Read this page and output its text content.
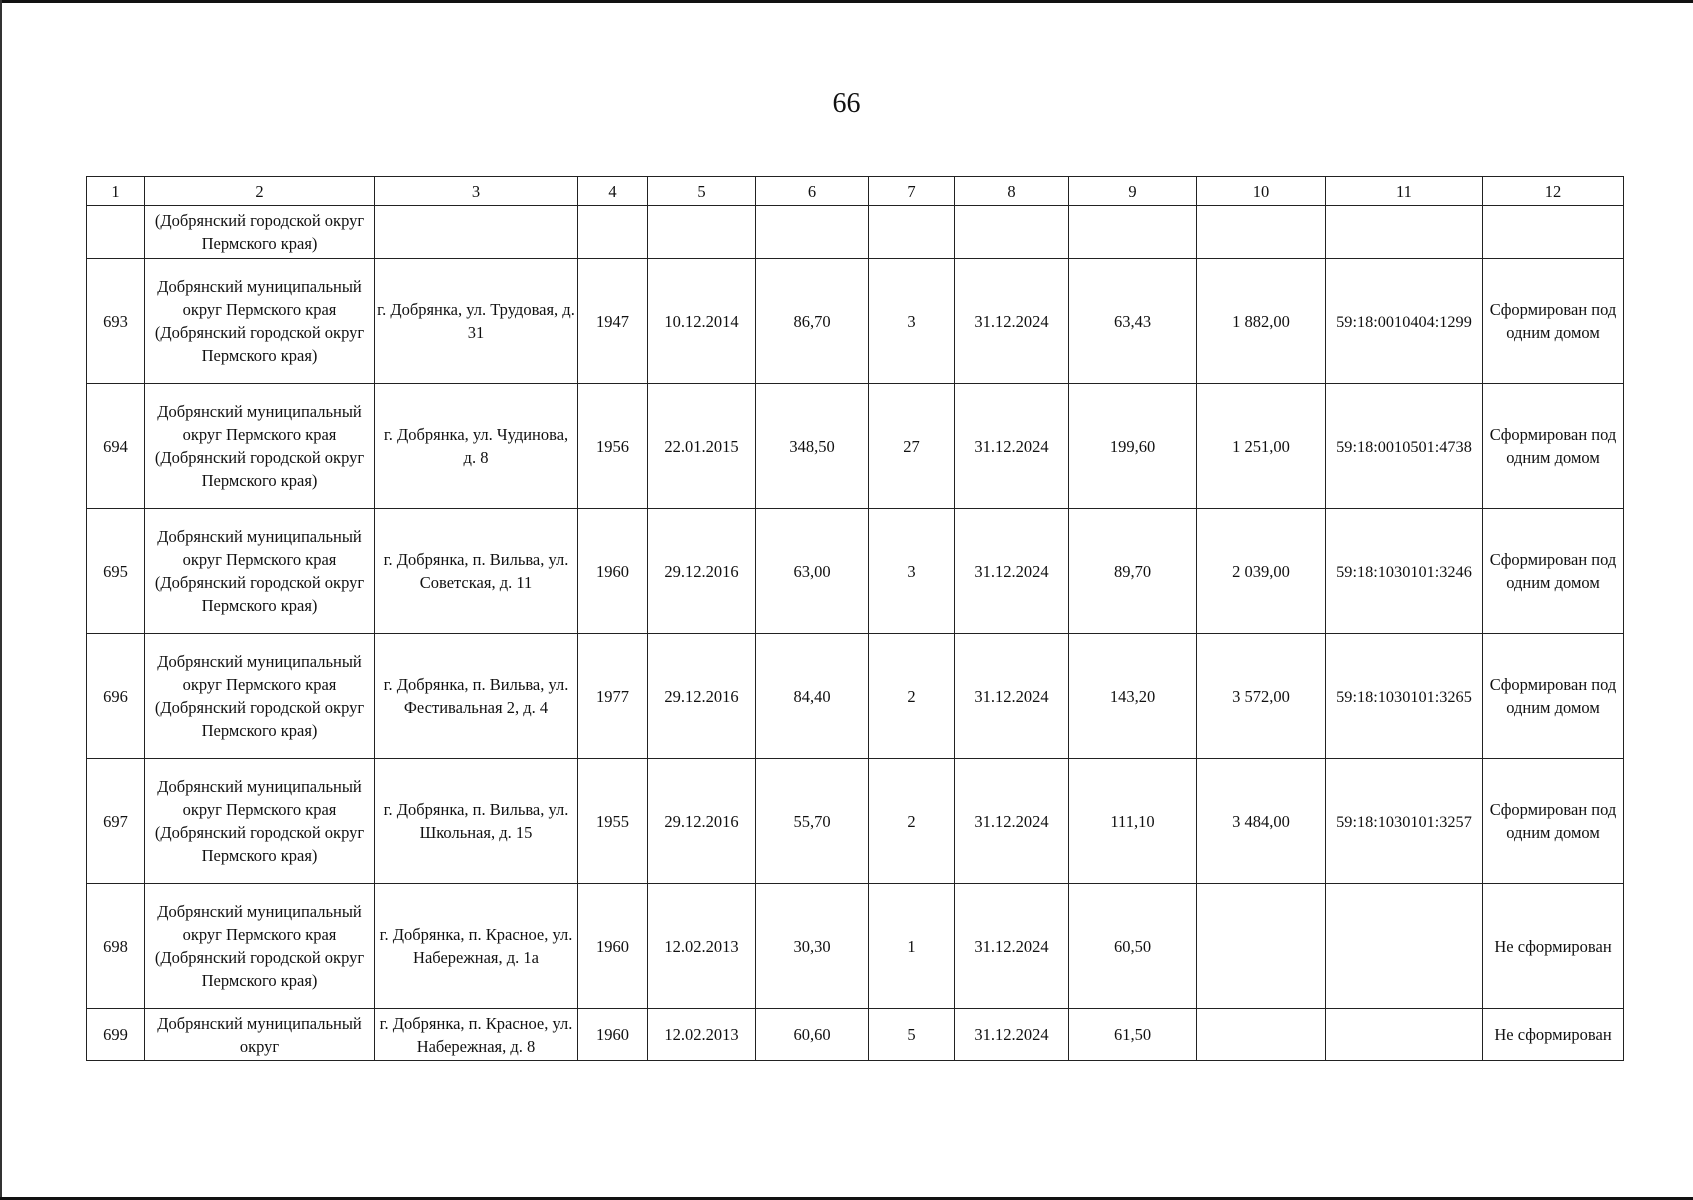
66
1	2	3	4	5	6	7	8	9	10	11	12
	(Добрянский городской округ Пермского края)										
693	Добрянский муниципальный округ Пермского края (Добрянский городской округ Пермского края)	г. Добрянка, ул. Трудовая, д. 31	1947	10.12.2014	86,70	3	31.12.2024	63,43	1 882,00	59:18:0010404:1299	Сформирован под одним домом
694	Добрянский муниципальный округ Пермского края (Добрянский городской округ Пермского края)	г. Добрянка, ул. Чудинова, д. 8	1956	22.01.2015	348,50	27	31.12.2024	199,60	1 251,00	59:18:0010501:4738	Сформирован под одним домом
695	Добрянский муниципальный округ Пермского края (Добрянский городской округ Пермского края)	г. Добрянка, п. Вильва, ул. Советская, д. 11	1960	29.12.2016	63,00	3	31.12.2024	89,70	2 039,00	59:18:1030101:3246	Сформирован под одним домом
696	Добрянский муниципальный округ Пермского края (Добрянский городской округ Пермского края)	г. Добрянка, п. Вильва, ул. Фестивальная 2, д. 4	1977	29.12.2016	84,40	2	31.12.2024	143,20	3 572,00	59:18:1030101:3265	Сформирован под одним домом
697	Добрянский муниципальный округ Пермского края (Добрянский городской округ Пермского края)	г. Добрянка, п. Вильва, ул. Школьная, д. 15	1955	29.12.2016	55,70	2	31.12.2024	111,10	3 484,00	59:18:1030101:3257	Сформирован под одним домом
698	Добрянский муниципальный округ Пермского края (Добрянский городской округ Пермского края)	г. Добрянка, п. Красное, ул. Набережная, д. 1а	1960	12.02.2013	30,30	1	31.12.2024	60,50			Не сформирован
699	Добрянский муниципальный округ	г. Добрянка, п. Красное, ул. Набережная, д. 8	1960	12.02.2013	60,60	5	31.12.2024	61,50			Не сформирован
